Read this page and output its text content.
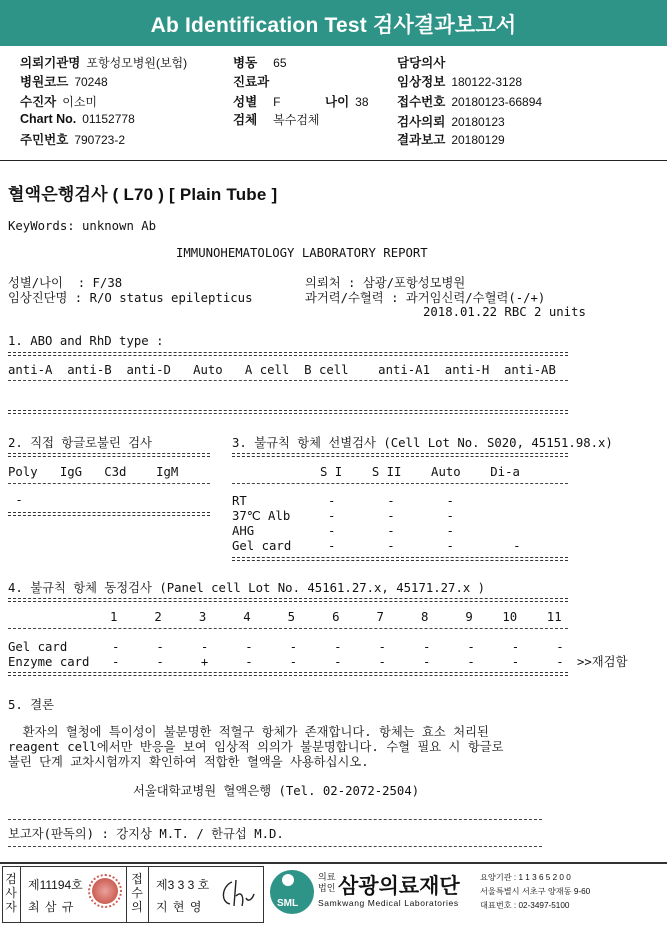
Ab Identification Test 검사결과보고서
의뢰기관명 포항성모병원(보험)
병원코드 70248
수진자 이소미
Chart No. 01152778
주민번호 790723-2
병동 65
진료과
성별 F	나이 38
검체 복수검체
담당의사
임상정보 180122-3128
접수번호 20180123-66894
검사의뢰 20180123
결과보고 20180129
혈액은행검사 ( L70 ) [ Plain Tube ]
KeyWords: unknown Ab
IMMUNOHEMATOLOGY LABORATORY REPORT
성별/나이  : F/38
임상진단명 : R/O status epilepticus
의뢰처 : 삼광/포항성모병원
과거력/수혈력 : 과거임신력/수혈력(-/+)
2018.01.22 RBC 2 units
1. ABO and RhD type :
anti-A  anti-B  anti-D   Auto   A cell  B cell    anti-A1  anti-H  anti-AB
2. 직접 항글로불린 검사
Poly   IgG   C3d    IgM
-
3. 불규칙 항체 선별검사 (Cell Lot No. S020, 45151.98.x)
S I    S II    Auto    Di-a
RT	-       -       -
37℃ Alb	-       -       -
AHG	-       -       -
Gel card	-       -       -        -
4. 불규칙 항체 동정검사 (Panel cell Lot No. 45161.27.x, 45171.27.x )
1     2     3     4     5     6     7     8     9    10    11
Gel card	-     -     -     -     -     -     -     -     -     -     -
Enzyme card -     -     +     -     -     -     -     -     -     -     - >>재검함
5. 결론
환자의 혈청에 특이성이 불분명한 적혈구 항체가 존재합니다. 항체는 효소 처리된
reagent cell에서만 반응을 보여 임상적 의의가 불분명합니다. 수혈 필요 시 항글로
불린 단계 교차시험까지 확인하여 적합한 혈액을 사용하십시오.
서울대학교병원 혈액은행 (Tel. 02-2072-2504)
보고자(판독의) : 강지상 M.T. / 한규섭 M.D.
검사자
제11194호
최 삼 규
접수의
제3 3 3 호
지 현 영	SML
의료
법인 삼광의료재단
Samkwang Medical Laboratories
요양기관 : 1 1 3 6 5 2 0 0
서울특별시 서초구 양재동 9-60
대표번호 : 02-3497-5100
